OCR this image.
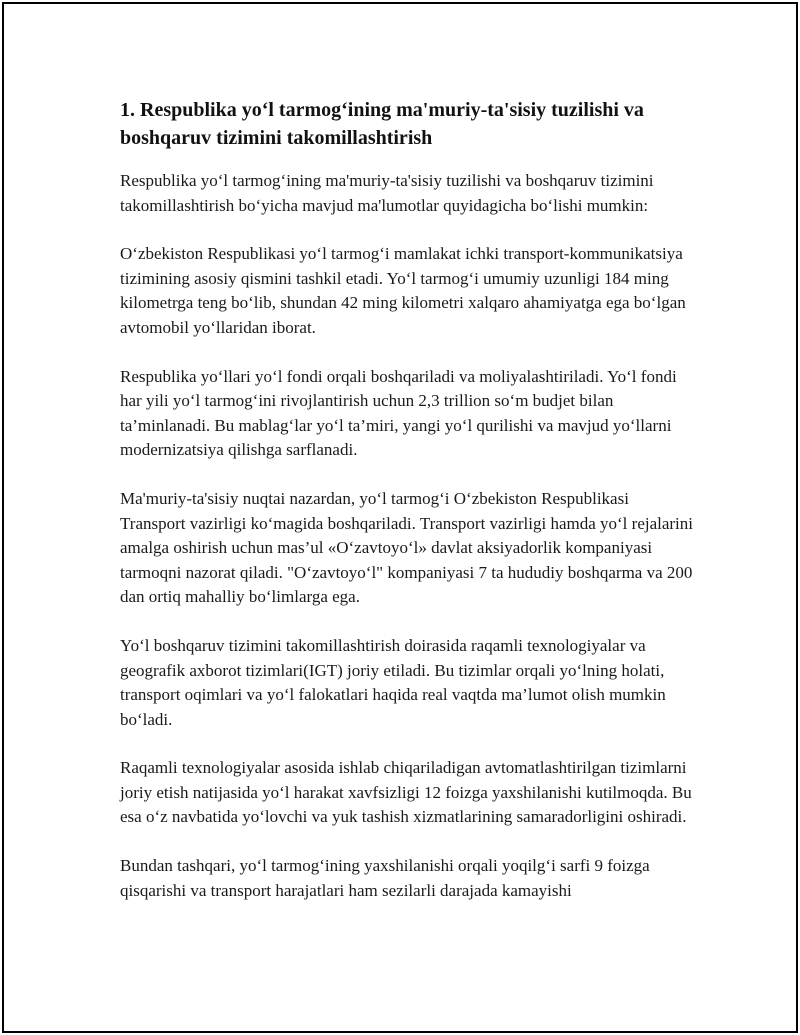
1. Respublika yo‘l tarmog‘ining ma'muriy-ta'sisiy tuzilishi va boshqaruv tizimini takomillashtirish

Respublika yo‘l tarmog‘ining ma'muriy-ta'sisiy tuzilishi va boshqaruv tizimini takomillashtirish bo‘yicha mavjud ma'lumotlar quyidagicha bo‘lishi mumkin:

O‘zbekiston Respublikasi yo‘l tarmog‘i mamlakat ichki transport-kommunikatsiya tizimining asosiy qismini tashkil etadi. Yo‘l tarmog‘i umumiy uzunligi 184 ming kilometrga teng bo‘lib, shundan 42 ming kilometri xalqaro ahamiyatga ega bo‘lgan avtomobil yo‘llaridan iborat.

Respublika yo‘llari yo‘l fondi orqali boshqariladi va moliyalashtiriladi. Yo‘l fondi har yili yo‘l tarmog‘ini rivojlantirish uchun 2,3 trillion so‘m budjet bilan ta’minlanadi. Bu mablag‘lar yo‘l ta’miri, yangi yo‘l qurilishi va mavjud yo‘llarni modernizatsiya qilishga sarflanadi.

Ma'muriy-ta'sisiy nuqtai nazardan, yo‘l tarmog‘i O‘zbekiston Respublikasi Transport vazirligi ko‘magida boshqariladi. Transport vazirligi hamda yo‘l rejalarini amalga oshirish uchun mas’ul «O‘zavtoyo‘l» davlat aksiyadorlik kompaniyasi tarmoqni nazorat qiladi. "O‘zavtoyo‘l" kompaniyasi 7 ta hududiy boshqarma va 200 dan ortiq mahalliy bo‘limlarga ega.

Yo‘l boshqaruv tizimini takomillashtirish doirasida raqamli texnologiyalar va geografik axborot tizimlari(IGT) joriy etiladi. Bu tizimlar orqali yo‘lning holati, transport oqimlari va yo‘l falokatlari haqida real vaqtda ma’lumot olish mumkin bo‘ladi.

Raqamli texnologiyalar asosida ishlab chiqariladigan avtomatlashtirilgan tizimlarni joriy etish natijasida yo‘l harakat xavfsizligi 12 foizga yaxshilanishi kutilmoqda. Bu esa o‘z navbatida yo‘lovchi va yuk tashish xizmatlarining samaradorligini oshiradi.

Bundan tashqari, yo‘l tarmog‘ining yaxshilanishi orqali yoqilg‘i sarfi 9 foizga qisqarishi va transport harajatlari ham sezilarli darajada kamayishi
